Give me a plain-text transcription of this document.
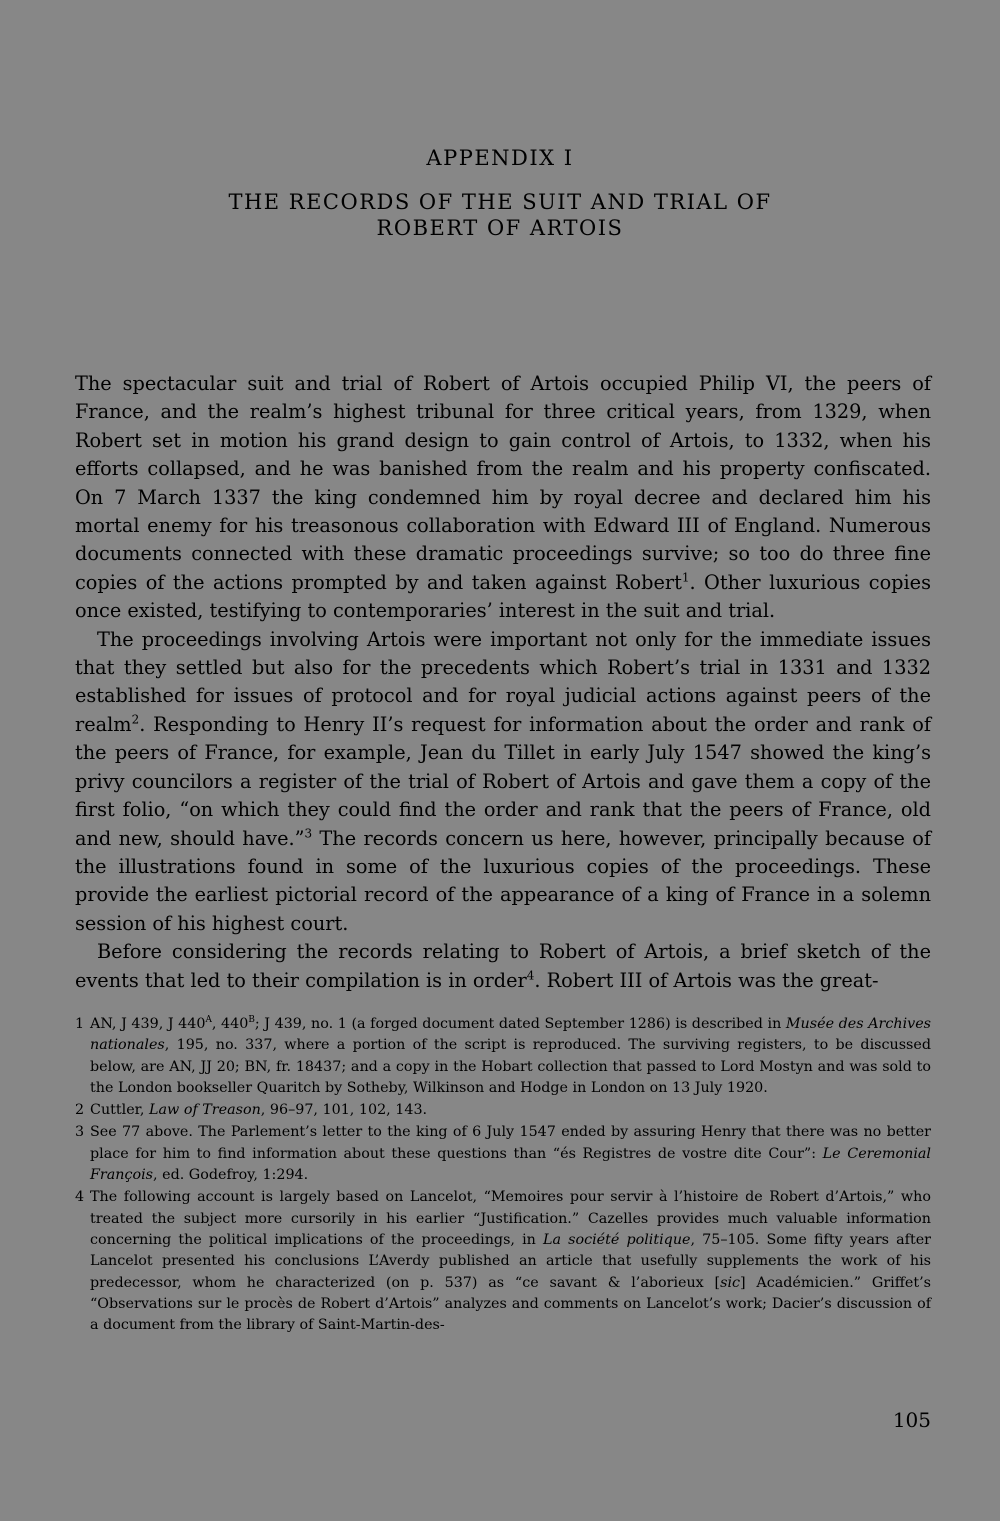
APPENDIX I
THE RECORDS OF THE SUIT AND TRIAL OF
ROBERT OF ARTOIS

The spectacular suit and trial of Robert of Artois occupied Philip VI, the peers of France, and the realm’s highest tribunal for three critical years, from 1329, when Robert set in motion his grand design to gain control of Artois, to 1332, when his efforts collapsed, and he was banished from the realm and his property confiscated. On 7 March 1337 the king condemned him by royal decree and declared him his mortal enemy for his treasonous collaboration with Edward III of England. Numerous documents connected with these dramatic proceedings survive; so too do three fine copies of the actions prompted by and taken against Robert$^1$. Other luxurious copies once existed, testifying to contemporaries’ interest in the suit and trial.

The proceedings involving Artois were important not only for the immediate issues that they settled but also for the precedents which Robert’s trial in 1331 and 1332 established for issues of protocol and for royal judicial actions against peers of the realm$^2$. Responding to Henry II’s request for information about the order and rank of the peers of France, for example, Jean du Tillet in early July 1547 showed the king’s privy councilors a register of the trial of Robert of Artois and gave them a copy of the first folio, “on which they could find the order and rank that the peers of France, old and new, should have.”$^3$ The records concern us here, however, principally because of the illustrations found in some of the luxurious copies of the proceedings. These provide the earliest pictorial record of the appearance of a king of France in a solemn session of his highest court.

Before considering the records relating to Robert of Artois, a brief sketch of the events that led to their compilation is in order$^4$. Robert III of Artois was the great-

1 AN, J 439, J $440^A$, $440^B$; J 439, no. 1 (a forged document dated September 1286) is described in Musée des Archives nationales, 195, no. 337, where a portion of the script is reproduced. The surviving registers, to be discussed below, are AN, JJ 20; BN, fr. 18437; and a copy in the Hobart collection that passed to Lord Mostyn and was sold to the London bookseller Quaritch by Sotheby, Wilkinson and Hodge in London on 13 July 1920.
2 Cuttler, Law of Treason, 96–97, 101, 102, 143.
3 See 77 above. The Parlement’s letter to the king of 6 July 1547 ended by assuring Henry that there was no better place for him to find information about these questions than “és Registres de vostre dite Cour”: Le Ceremonial François, ed. Godefroy, 1:294.
4 The following account is largely based on Lancelot, “Memoires pour servir à l’histoire de Robert d’Artois,” who treated the subject more cursorily in his earlier “Justification.” Cazelles provides much valuable information concerning the political implications of the proceedings, in La société politique, 75–105. Some fifty years after Lancelot presented his conclusions L’Averdy published an article that usefully supplements the work of his predecessor, whom he characterized (on p. 537) as “ce savant & l’aborieux [sic] Académicien.” Griffet’s “Observations sur le procès de Robert d’Artois” analyzes and comments on Lancelot’s work; Dacier’s discussion of a document from the library of Saint-Martin-des-
105
